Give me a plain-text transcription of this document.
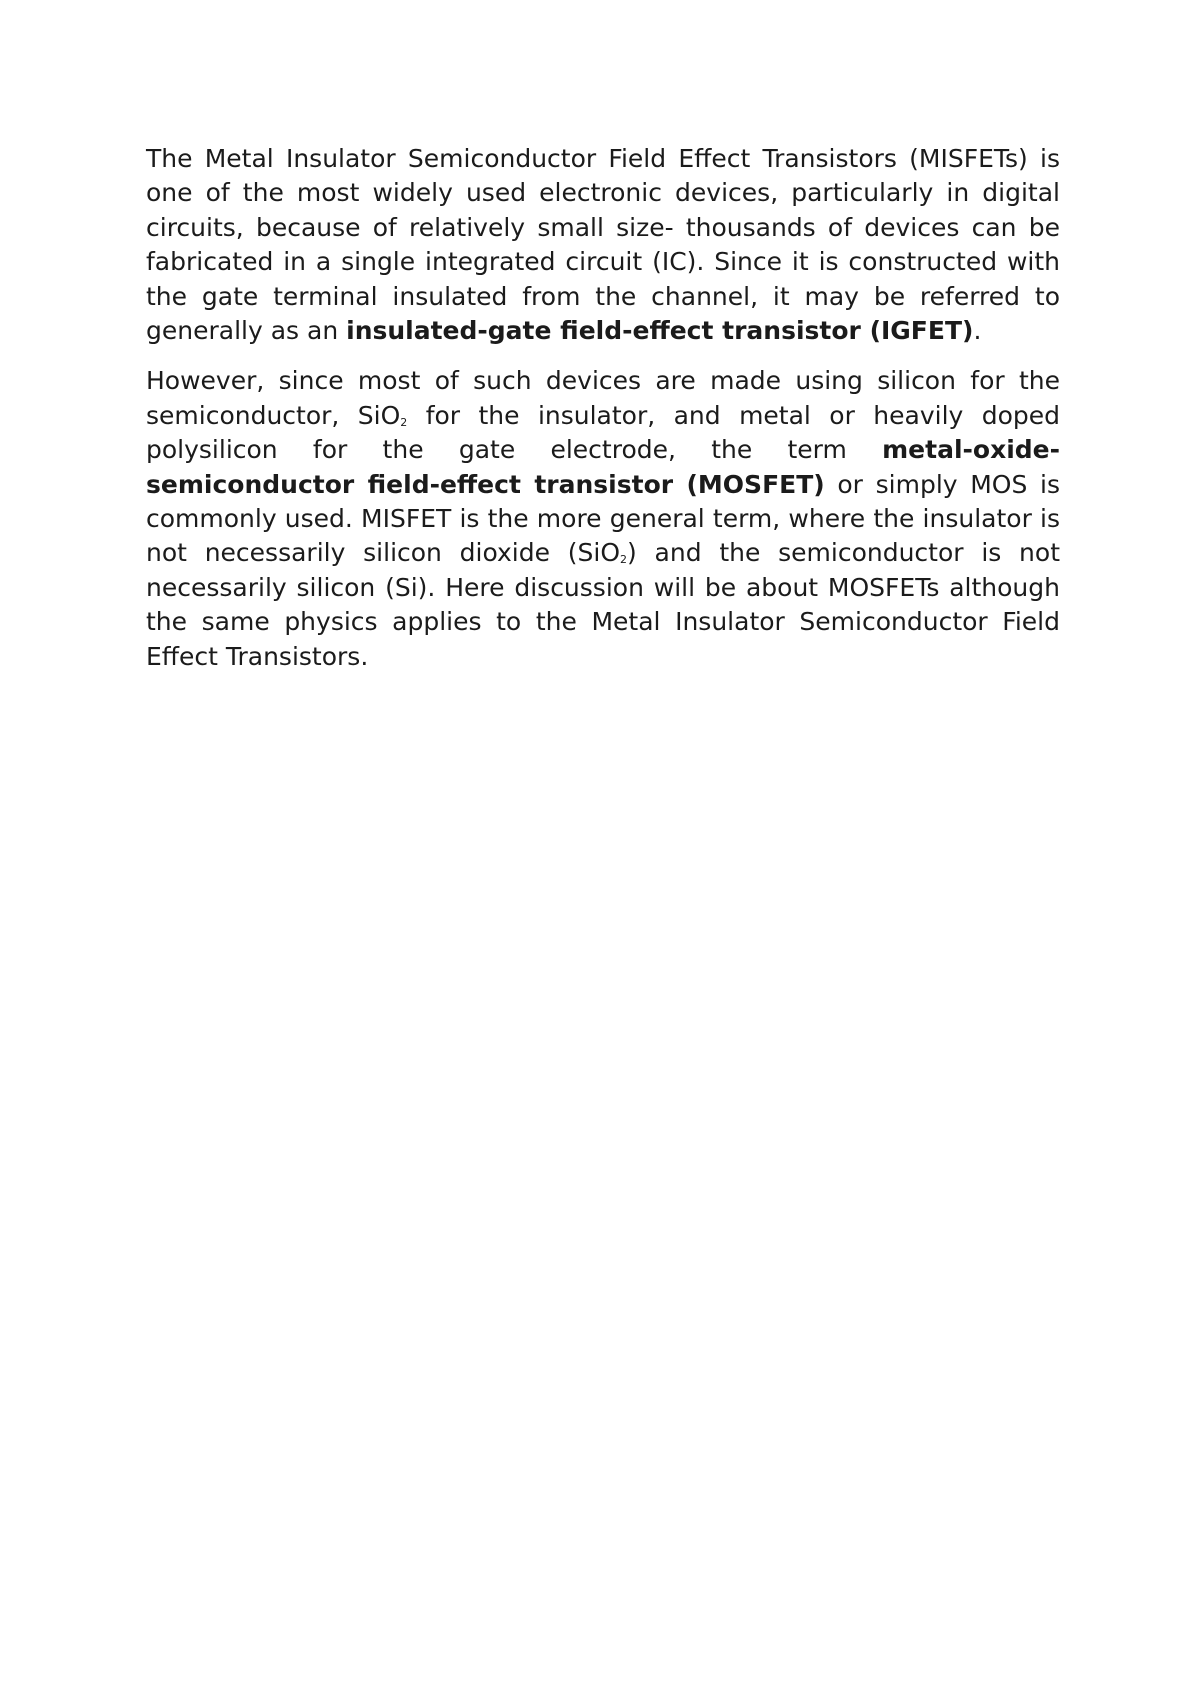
The Metal Insulator Semiconductor Field Effect Transistors (MISFETs) is one of the most widely used electronic devices, particularly in digital circuits, because of relatively small size- thousands of devices can be fabricated in a single integrated circuit (IC). Since it is constructed with the gate terminal insulated from the channel, it may be referred to generally as an insulated-gate field-effect transistor (IGFET).

However, since most of such devices are made using silicon for the semiconductor, SiO2 for the insulator, and metal or heavily doped polysilicon for the gate electrode, the term metal-oxide-semiconductor field-effect transistor (MOSFET) or simply MOS is commonly used. MISFET is the more general term, where the insulator is not necessarily silicon dioxide (SiO2) and the semiconductor is not necessarily silicon (Si). Here discussion will be about MOSFETs although the same physics applies to the Metal Insulator Semiconductor Field Effect Transistors.
